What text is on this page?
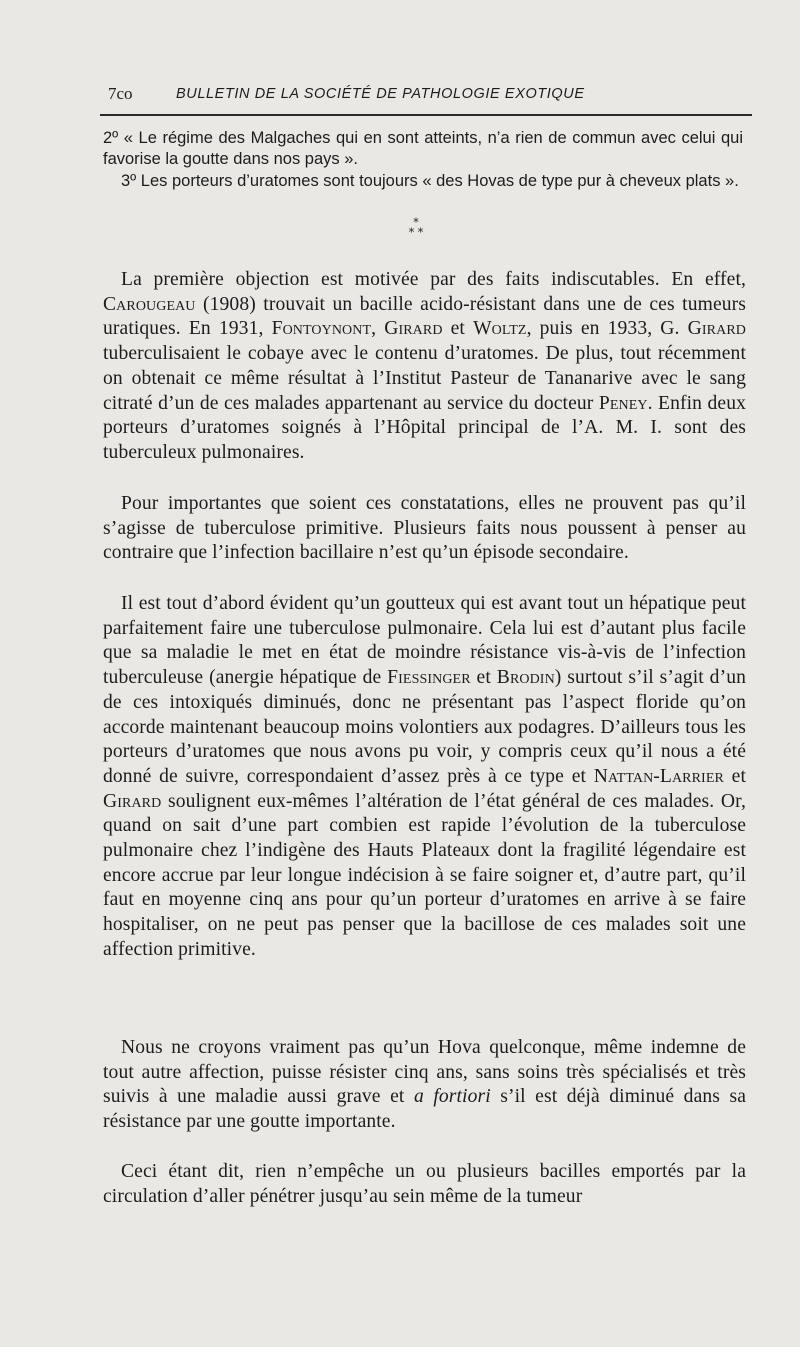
7co	BULLETIN DE LA SOCIÉTÉ DE PATHOLOGIE EXOTIQUE
2º « Le régime des Malgaches qui en sont atteints, n’a rien de commun avec celui qui favorise la goutte dans nos pays ».
3º Les porteurs d’uratomes sont toujours « des Hovas de type pur à cheveux plats ».
*
* *

La première objection est motivée par des faits indiscutables. En effet, Carougeau (1908) trouvait un bacille acido-résistant dans une de ces tumeurs uratiques. En 1931, Fontoynont, Girard et Woltz, puis en 1933, G. Girard tuberculisaient le cobaye avec le contenu d’uratomes. De plus, tout récemment on obtenait ce même résultat à l’Institut Pasteur de Tananarive avec le sang citraté d’un de ces malades appartenant au service du docteur Peney. Enfin deux porteurs d’uratomes soignés à l’Hôpital principal de l’A. M. I. sont des tuberculeux pulmonaires.

Pour importantes que soient ces constatations, elles ne prouvent pas qu’il s’agisse de tuberculose primitive. Plusieurs faits nous poussent à penser au contraire que l’infection bacillaire n’est qu’un épisode secondaire.

Il est tout d’abord évident qu’un goutteux qui est avant tout un hépatique peut parfaitement faire une tuberculose pulmonaire. Cela lui est d’autant plus facile que sa maladie le met en état de moindre résistance vis-à-vis de l’infection tuberculeuse (anergie hépatique de Fiessinger et Brodin) surtout s’il s’agit d’un de ces intoxiqués diminués, donc ne présentant pas l’aspect floride qu’on accorde maintenant beaucoup moins volontiers aux podagres. D’ailleurs tous les porteurs d’uratomes que nous avons pu voir, y compris ceux qu’il nous a été donné de suivre, correspondaient d’assez près à ce type et Nattan-Larrier et Girard soulignent eux-mêmes l’altération de l’état général de ces malades. Or, quand on sait d’une part combien est rapide l’évolution de la tuberculose pulmonaire chez l’indigène des Hauts Plateaux dont la fragilité légendaire est encore accrue par leur longue indécision à se faire soigner et, d’autre part, qu’il faut en moyenne cinq ans pour qu’un porteur d’uratomes en arrive à se faire hospitaliser, on ne peut pas penser que la bacillose de ces malades soit une affection primitive.

Nous ne croyons vraiment pas qu’un Hova quelconque, même indemne de tout autre affection, puisse résister cinq ans, sans soins très spécialisés et très suivis à une maladie aussi grave et a fortiori s’il est déjà diminué dans sa résistance par une goutte importante.

Ceci étant dit, rien n’empêche un ou plusieurs bacilles emportés par la circulation d’aller pénétrer jusqu’au sein même de la tumeur
